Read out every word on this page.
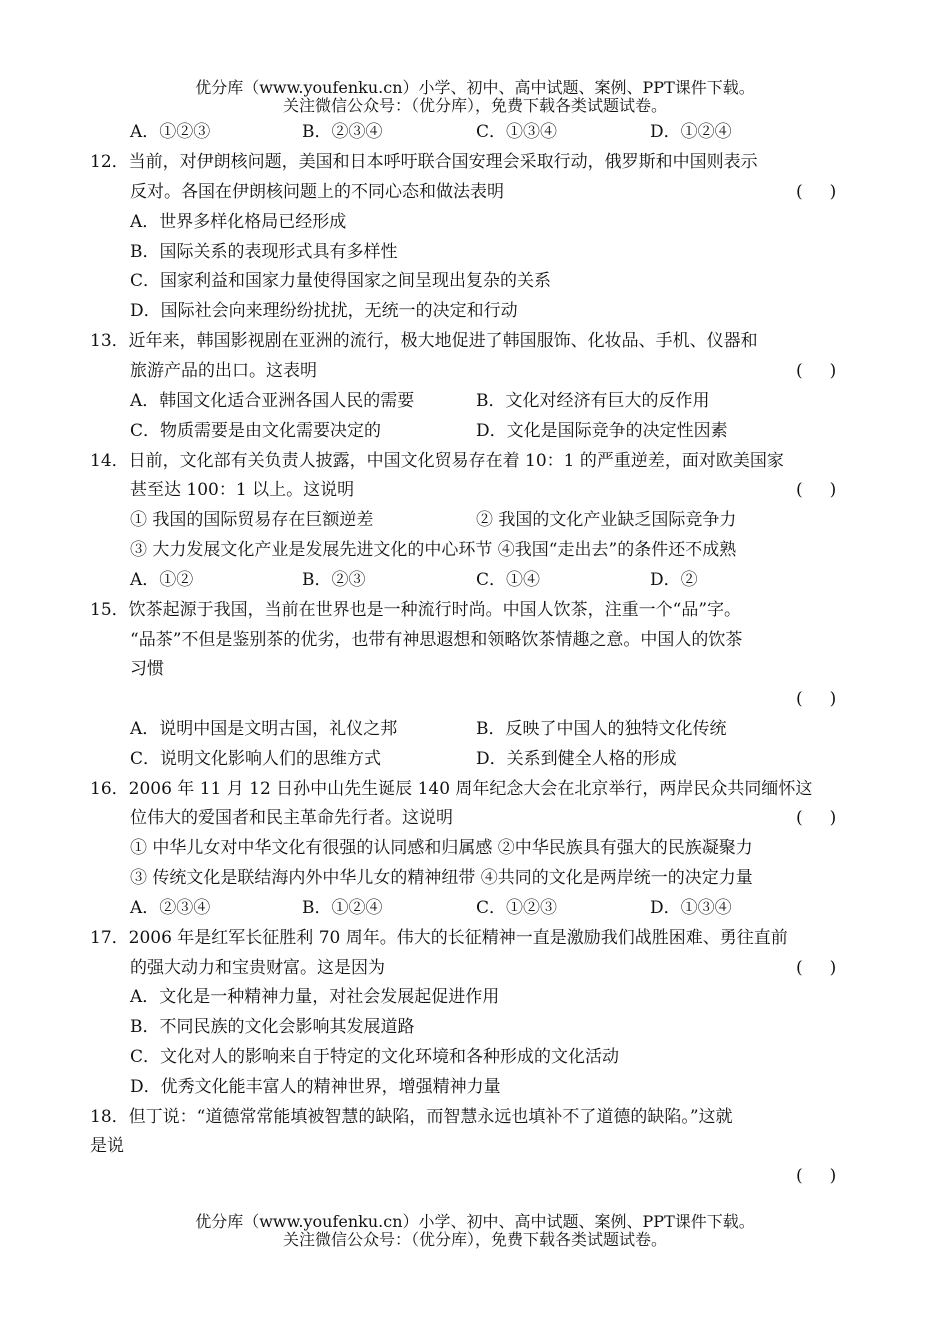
优分库（www.youfenku.cn）小学、初中、高中试题、案例、PPT课件下载。
关注微信公众号：（优分库），免费下载各类试题试卷。
A．①②③	B．②③④	C．①③④	D．①②④
12．当前，对伊朗核问题，美国和日本呼吁联合国安理会采取行动，俄罗斯和中国则表示
反对。各国在伊朗核问题上的不同心态和做法表明	(     )
A．世界多样化格局已经形成
B．国际关系的表现形式具有多样性
C．国家利益和国家力量使得国家之间呈现出复杂的关系
D．国际社会向来理纷纷扰扰，无统一的决定和行动
13．近年来，韩国影视剧在亚洲的流行，极大地促进了韩国服饰、化妆品、手机、仪器和
旅游产品的出口。这表明	(     )
A．韩国文化适合亚洲各国人民的需要	B．文化对经济有巨大的反作用
C．物质需要是由文化需要决定的	D．文化是国际竞争的决定性因素
14．日前，文化部有关负责人披露，中国文化贸易存在着 10：1 的严重逆差，面对欧美国家
甚至达 100：1 以上。这说明	(     )
① 我国的国际贸易存在巨额逆差	② 我国的文化产业缺乏国际竞争力
③ 大力发展文化产业是发展先进文化的中心环节 ④我国“走出去”的条件还不成熟
A．①②	B．②③	C．①④	D．②
15．饮茶起源于我国，当前在世界也是一种流行时尚。中国人饮茶，注重一个“品”字。
“品茶”不但是鉴别茶的优劣，也带有神思遐想和领略饮茶情趣之意。中国人的饮茶
习惯
(     )
A．说明中国是文明古国，礼仪之邦	B．反映了中国人的独特文化传统
C．说明文化影响人们的思维方式	D．关系到健全人格的形成
16．2006 年 11 月 12 日孙中山先生诞辰 140 周年纪念大会在北京举行，两岸民众共同缅怀这
位伟大的爱国者和民主革命先行者。这说明	(     )
① 中华儿女对中华文化有很强的认同感和归属感 ②中华民族具有强大的民族凝聚力
③ 传统文化是联结海内外中华儿女的精神纽带 ④共同的文化是两岸统一的决定力量
A．②③④	B．①②④	C．①②③	D．①③④
17．2006 年是红军长征胜利 70 周年。伟大的长征精神一直是激励我们战胜困难、勇往直前
的强大动力和宝贵财富。这是因为	(     )
A．文化是一种精神力量，对社会发展起促进作用
B．不同民族的文化会影响其发展道路
C．文化对人的影响来自于特定的文化环境和各种形成的文化活动
D．优秀文化能丰富人的精神世界，增强精神力量
18．但丁说：“道德常常能填被智慧的缺陷，而智慧永远也填补不了道德的缺陷。”这就
是说
(     )
优分库（www.youfenku.cn）小学、初中、高中试题、案例、PPT课件下载。
关注微信公众号：（优分库），免费下载各类试题试卷。
